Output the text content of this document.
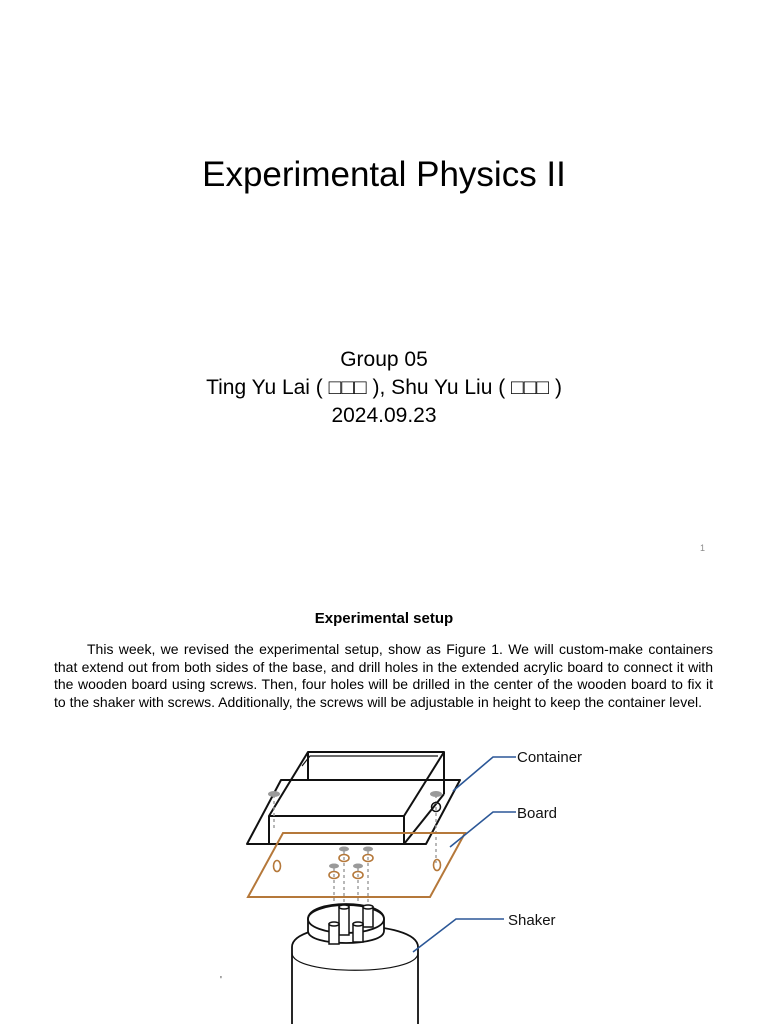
Experimental Physics II
Group 05
Ting Yu Lai ( □□□ ), Shu Yu Liu ( □□□ )
2024.09.23
1
Experimental setup

This week, we revised the experimental setup, show as Figure 1. We will custom-make containers that extend out from both sides of the base, and drill holes in the extended acrylic board to connect it with the wooden board using screws. Then, four holes will be drilled in the center of the wooden board to fix it to the shaker with screws. Additionally, the screws will be adjustable in height to keep the container level.

Container
Board
Shaker
'
